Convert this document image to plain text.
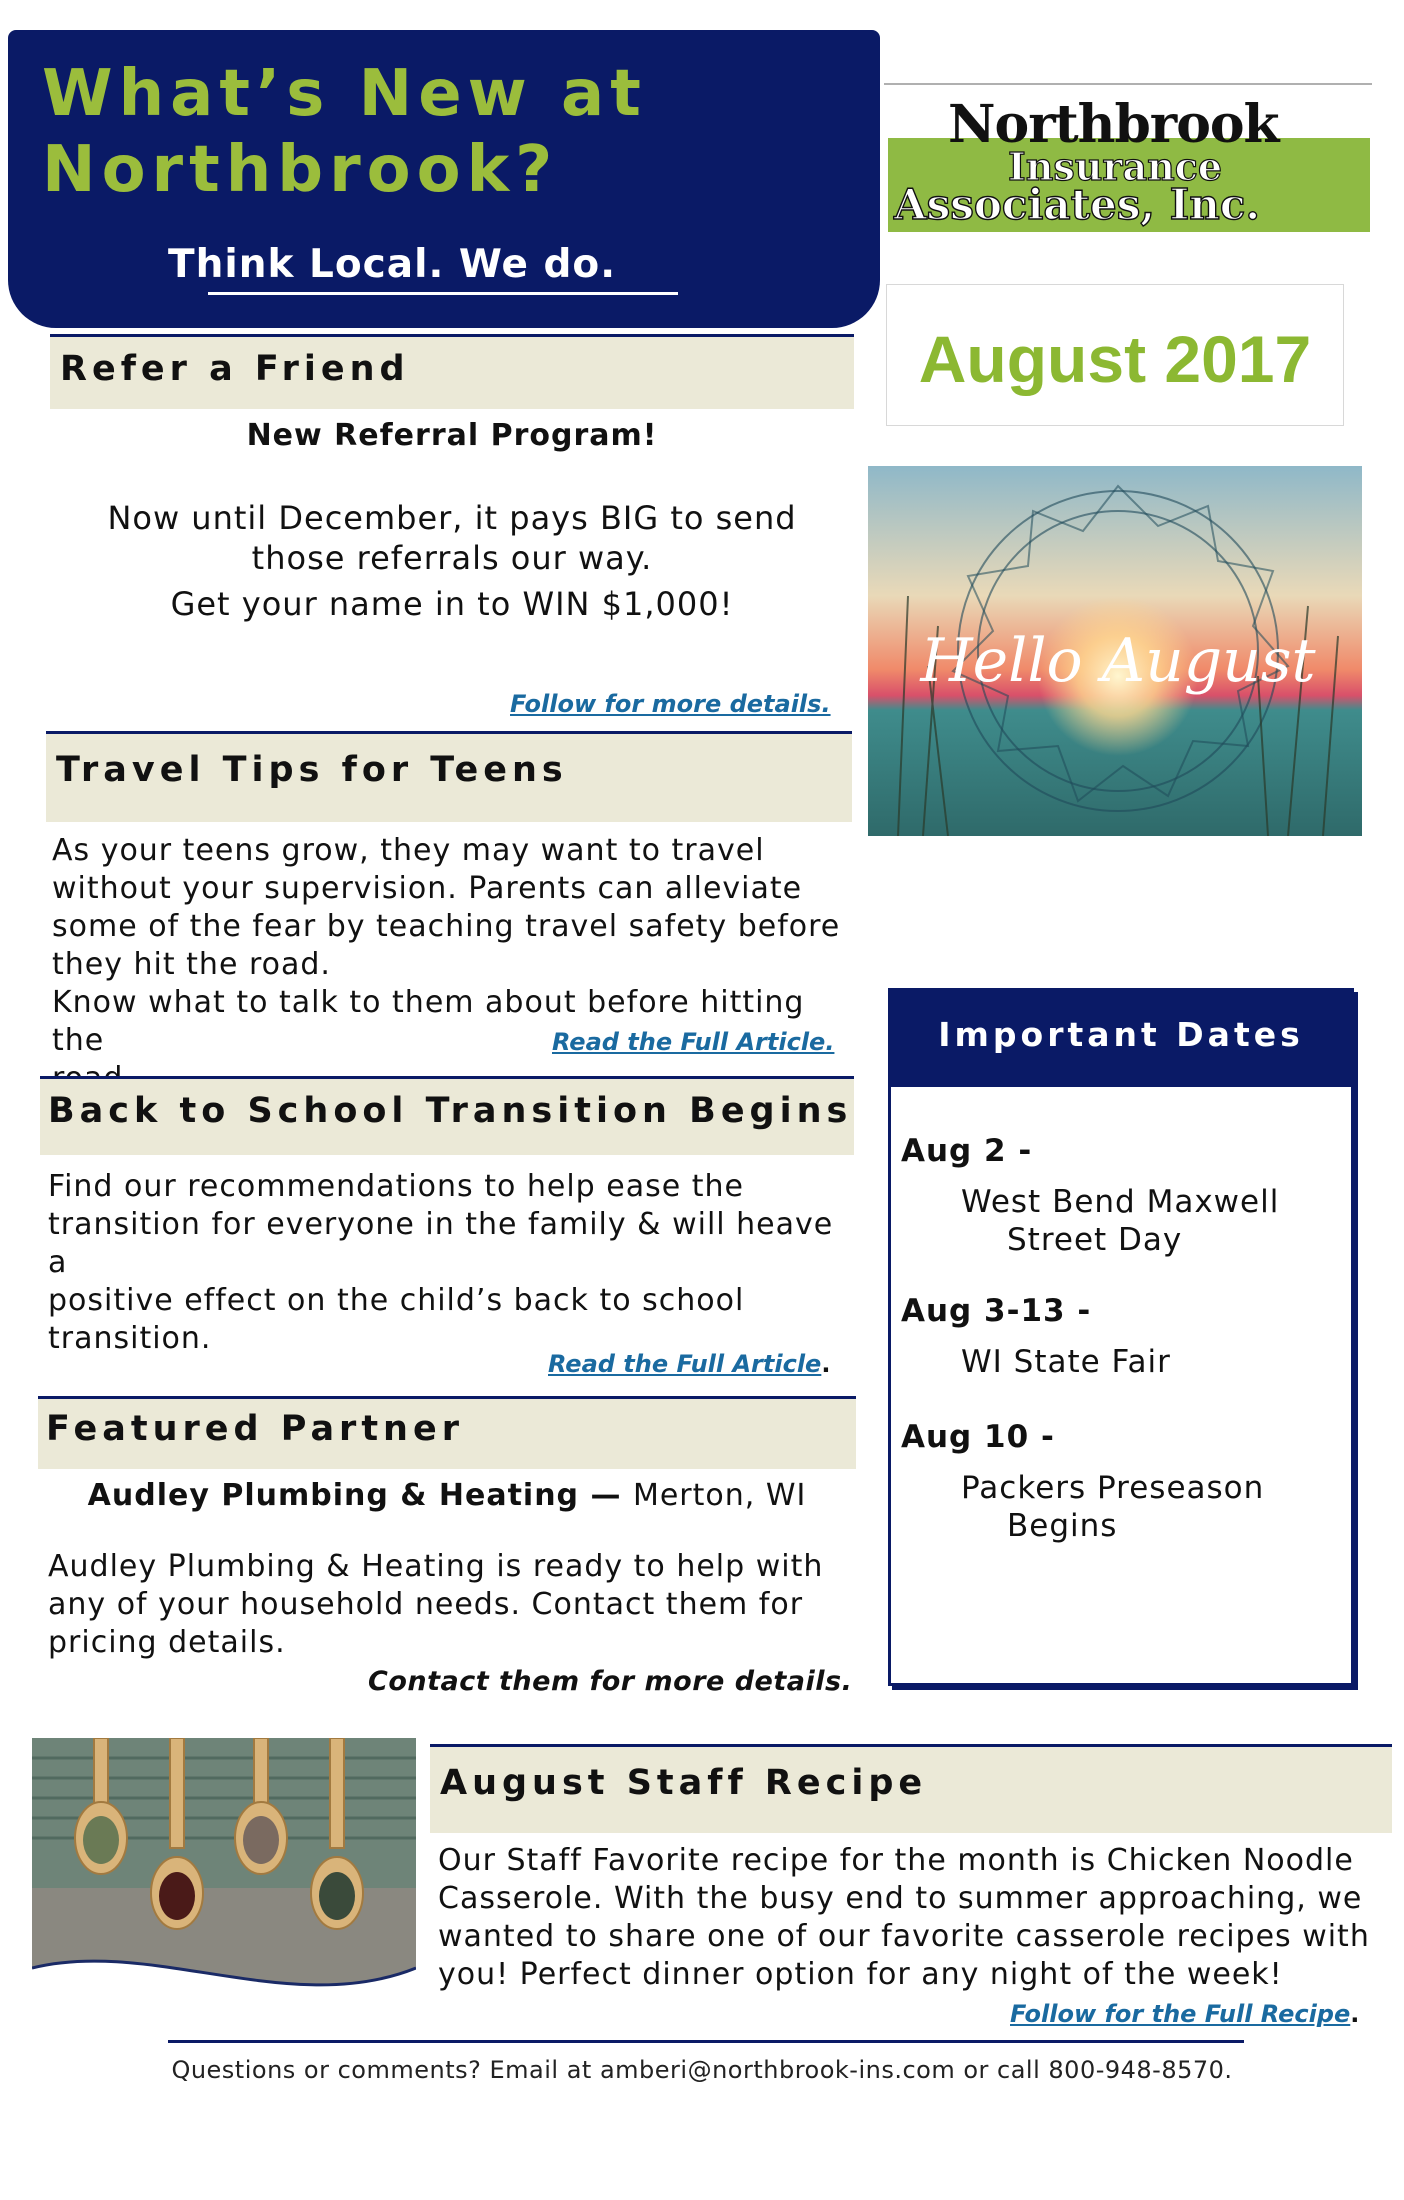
What’s New at
Northbrook?
Think Local. We do.
Northbrook
Insurance
Associates, Inc.
August 2017
Hello August
Refer a Friend
New Referral Program!
Now until December, it pays BIG to send
those referrals our way.
Get your name in to WIN $1,000!
Follow for more details.
Travel Tips for Teens
As your teens grow, they may want to travel
without your supervision. Parents can alleviate
some of the fear by teaching travel safety before
they hit the road.
Know what to talk to them about before hitting the	Read the Full Article.
Back to School Transition Begins
Find our recommendations to help ease the
transition for everyone in the family & will heave a
positive effect on the child’s back to school
transition.
Read the Full Article.
Featured Partner
Audley Plumbing & Heating — Merton, WI
Audley Plumbing & Heating is ready to help with
any of your household needs. Contact them for
pricing details.
Contact them for more details.
Important Dates
Aug 2 -
West Bend Maxwell
Street Day
Aug 3-13 -
WI State Fair
Aug 10 -
Packers Preseason
Begins
August Staff Recipe
Our Staff Favorite recipe for the month is Chicken Noodle
Casserole. With the busy end to summer approaching, we
wanted to share one of our favorite casserole recipes with
you! Perfect dinner option for any night of the week!
Follow for the Full Recipe.
Questions or comments? Email at amberi@northbrook-ins.com or call 800-948-8570.
